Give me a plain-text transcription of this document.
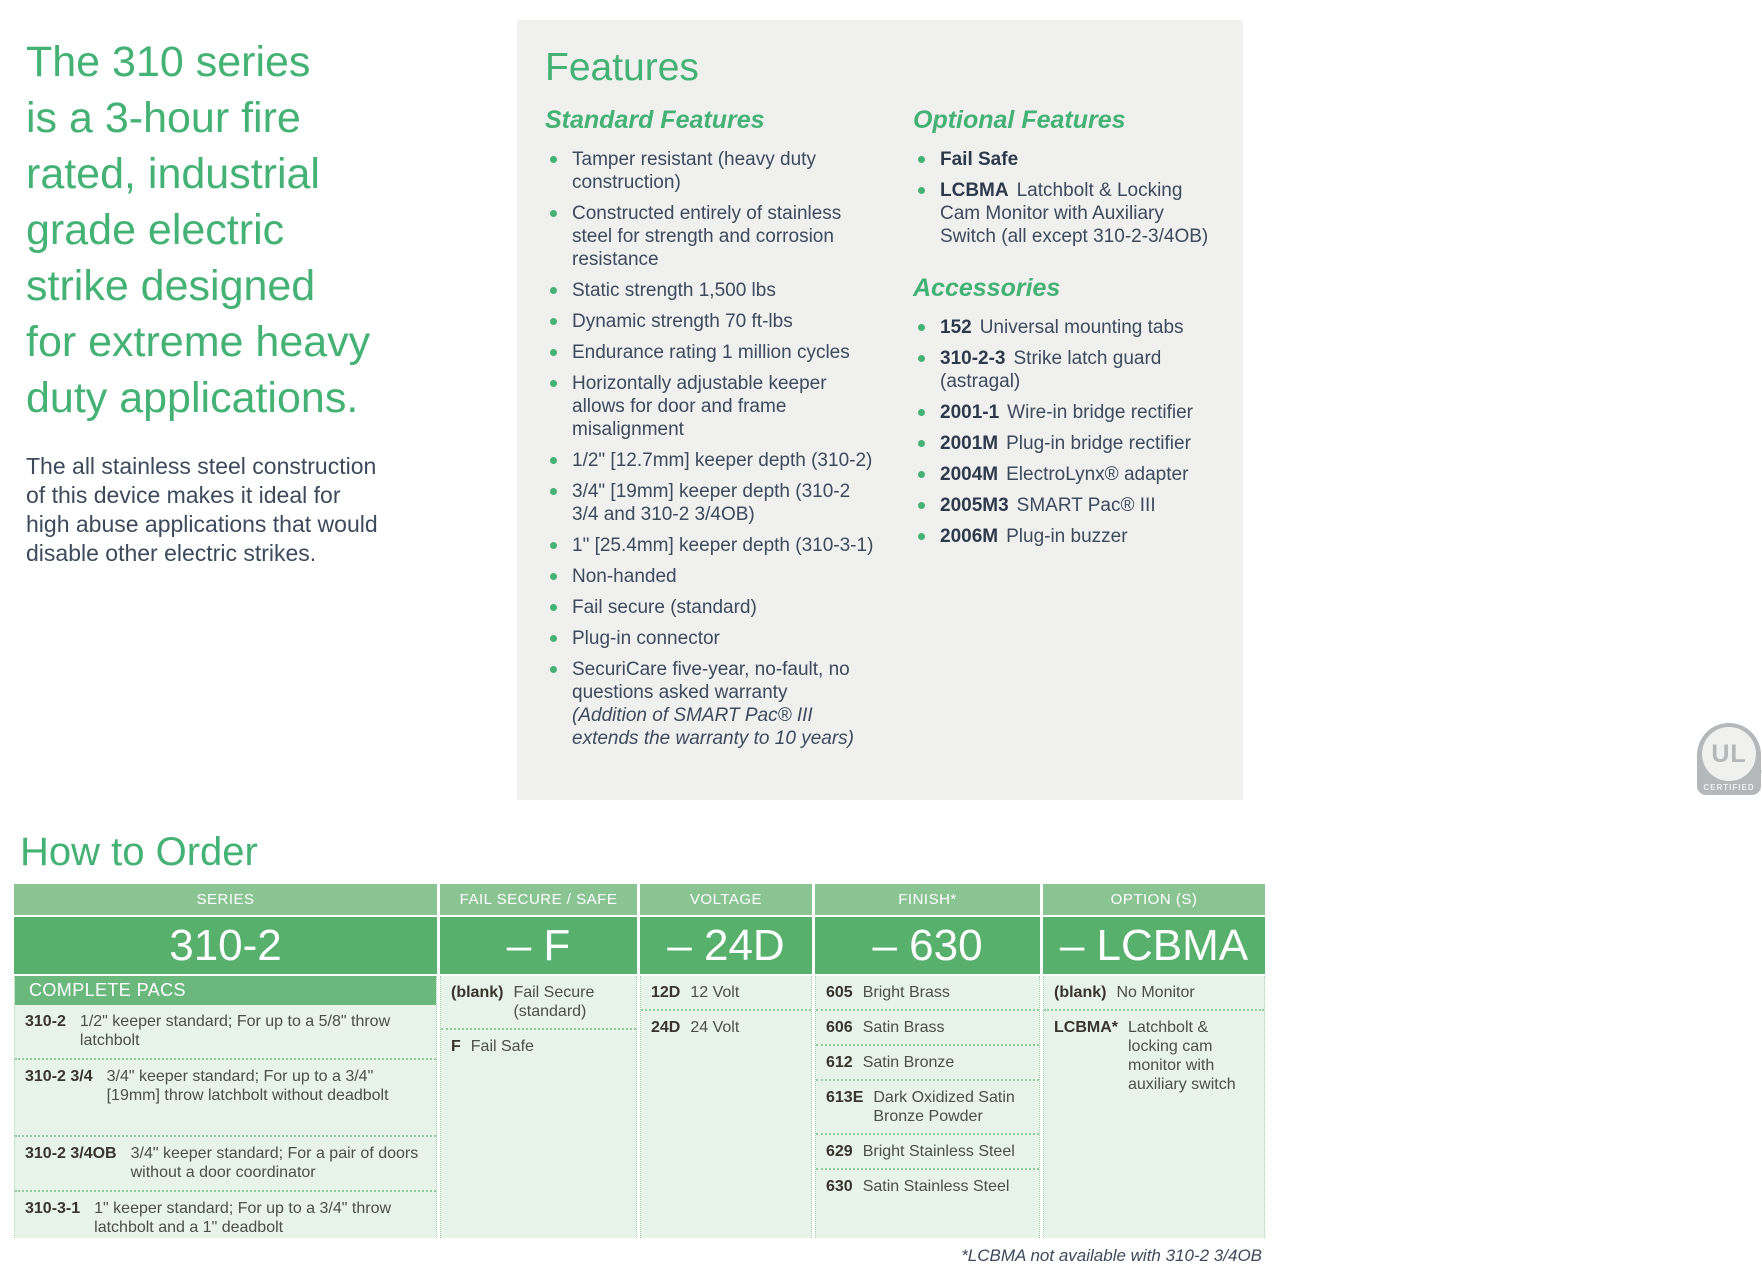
The 310 series
is a 3-hour fire
rated, industrial
grade electric
strike designed
for extreme heavy
duty applications.
The all stainless steel construction
of this device makes it ideal for
high abuse applications that would
disable other electric strikes.
Features
Standard Features
Tamper resistant (heavy duty construction)
Constructed entirely of stainless steel for strength and corrosion resistance
Static strength 1,500 lbs
Dynamic strength 70 ft-lbs
Endurance rating 1 million cycles
Horizontally adjustable keeper allows for door and frame misalignment
1/2" [12.7mm] keeper depth (310-2)
3/4" [19mm] keeper depth (310-2 3/4 and 310-2 3/4OB)
1" [25.4mm] keeper depth (310-3-1)
Non-handed
Fail secure (standard)
Plug-in connector
SecuriCare five-year, no-fault, no questions asked warranty
(Addition of SMART Pac® III extends the warranty to 10 years)
Optional Features
Fail Safe
LCBMA Latchbolt & Locking Cam Monitor with Auxiliary Switch (all except 310-2-3/4OB)
Accessories
152 Universal mounting tabs
310-2-3 Strike latch guard (astragal)
2001-1 Wire-in bridge rectifier
2001M Plug-in bridge rectifier
2004M ElectroLynx® adapter
2005M3 SMART Pac® III
2006M Plug-in buzzer
UL
®
CERTIFIED
How to Order
SERIES
310-2
COMPLETE PACS
310-2 1/2" keeper standard; For up to a 5/8" throw latchbolt
310-2 3/4 3/4" keeper standard; For up to a 3/4" [19mm] throw latchbolt without deadbolt
310-2 3/4OB 3/4" keeper standard; For a pair of doors without a door coordinator
310-3-1 1" keeper standard; For up to a 3/4" throw latchbolt and a 1" deadbolt
FAIL SECURE / SAFE
– F
(blank) Fail Secure (standard)
F Fail Safe
VOLTAGE
– 24D
12D 12 Volt
24D 24 Volt
FINISH*
– 630
605 Bright Brass
606 Satin Brass
612 Satin Bronze
613E Dark Oxidized Satin Bronze Powder
629 Bright Stainless Steel
630 Satin Stainless Steel
OPTION (S)
– LCBMA
(blank) No Monitor
LCBMA* Latchbolt & locking cam monitor with auxiliary switch
*LCBMA not available with 310-2 3/4OB
